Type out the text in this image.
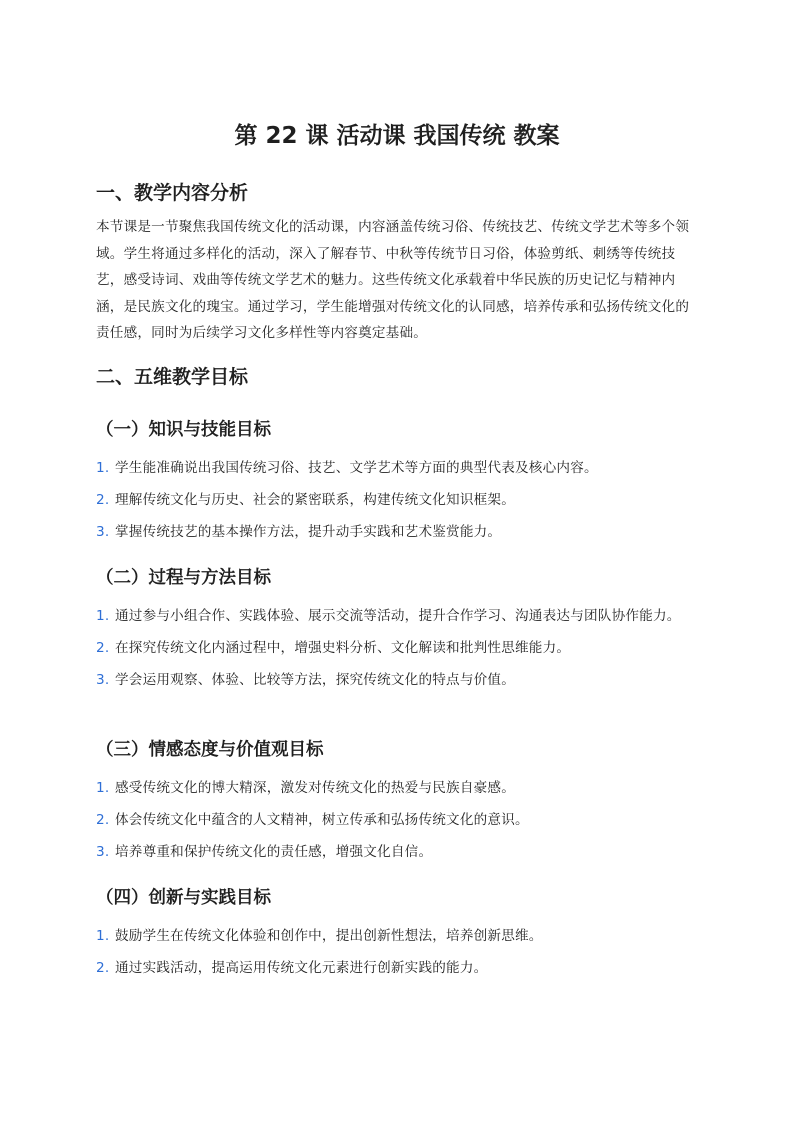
第 22 课 活动课 我国传统 教案
一、教学内容分析

本节课是一节聚焦我国传统文化的活动课，内容涵盖传统习俗、传统技艺、传统文学艺术等多个领域。学生将通过多样化的活动，深入了解春节、中秋等传统节日习俗，体验剪纸、刺绣等传统技艺，感受诗词、戏曲等传统文学艺术的魅力。这些传统文化承载着中华民族的历史记忆与精神内涵，是民族文化的瑰宝。通过学习，学生能增强对传统文化的认同感，培养传承和弘扬传统文化的责任感，同时为后续学习文化多样性等内容奠定基础。

二、五维教学目标
（一）知识与技能目标
1. 学生能准确说出我国传统习俗、技艺、文学艺术等方面的典型代表及核心内容。
2. 理解传统文化与历史、社会的紧密联系，构建传统文化知识框架。
3. 掌握传统技艺的基本操作方法，提升动手实践和艺术鉴赏能力。
（二）过程与方法目标
1. 通过参与小组合作、实践体验、展示交流等活动，提升合作学习、沟通表达与团队协作能力。
2. 在探究传统文化内涵过程中，增强史料分析、文化解读和批判性思维能力。
3. 学会运用观察、体验、比较等方法，探究传统文化的特点与价值。
（三）情感态度与价值观目标
1. 感受传统文化的博大精深，激发对传统文化的热爱与民族自豪感。
2. 体会传统文化中蕴含的人文精神，树立传承和弘扬传统文化的意识。
3. 培养尊重和保护传统文化的责任感，增强文化自信。
（四）创新与实践目标
1. 鼓励学生在传统文化体验和创作中，提出创新性想法，培养创新思维。
2. 通过实践活动，提高运用传统文化元素进行创新实践的能力。
